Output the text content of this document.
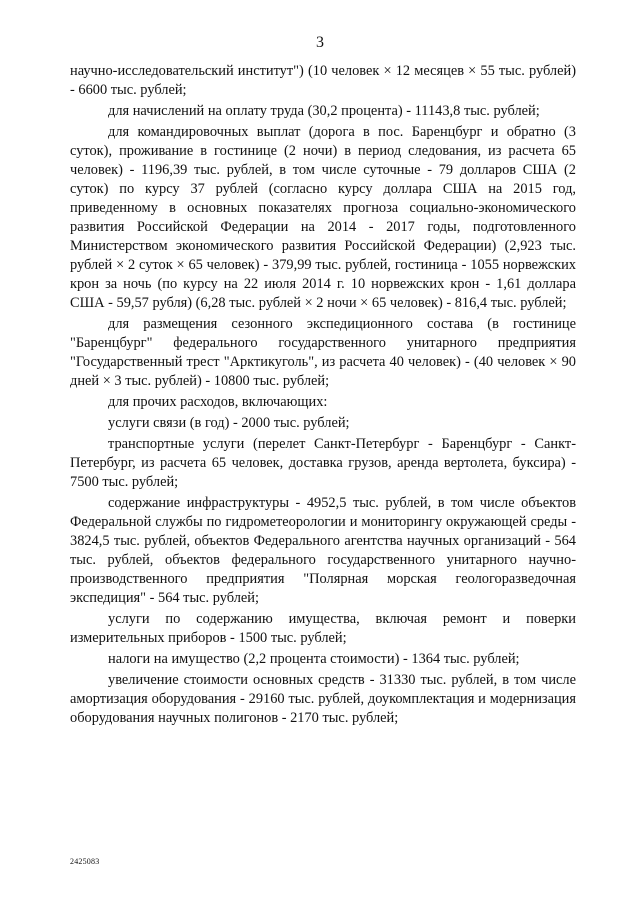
3

научно-исследовательский институт") (10 человек × 12 месяцев × 55 тыс. рублей) - 6600 тыс. рублей;

для начислений на оплату труда (30,2 процента) - 11143,8 тыс. рублей;

для командировочных выплат (дорога в пос. Баренцбург и обратно (3 суток), проживание в гостинице (2 ночи) в период следования, из расчета 65 человек) - 1196,39 тыс. рублей, в том числе суточные - 79 долларов США (2 суток) по курсу 37 рублей (согласно курсу доллара США на 2015 год, приведенному в основных показателях прогноза социально-экономического развития Российской Федерации на 2014 - 2017 годы, подготовленного Министерством экономического развития Российской Федерации) (2,923 тыс. рублей × 2 суток × 65 человек) - 379,99 тыс. рублей, гостиница - 1055 норвежских крон за ночь (по курсу на 22 июля 2014 г. 10 норвежских крон - 1,61 доллара США - 59,57 рубля) (6,28 тыс. рублей × 2 ночи × 65 человек) - 816,4 тыс. рублей;

для размещения сезонного экспедиционного состава (в гостинице "Баренцбург" федерального государственного унитарного предприятия "Государственный трест "Арктикуголь", из расчета 40 человек) - (40 человек × 90 дней × 3 тыс. рублей) - 10800 тыс. рублей;

для прочих расходов, включающих:

услуги связи (в год) - 2000 тыс. рублей;

транспортные услуги (перелет Санкт-Петербург - Баренцбург - Санкт-Петербург, из расчета 65 человек, доставка грузов, аренда вертолета, буксира) - 7500 тыс. рублей;

содержание инфраструктуры - 4952,5 тыс. рублей, в том числе объектов Федеральной службы по гидрометеорологии и мониторингу окружающей среды - 3824,5 тыс. рублей, объектов Федерального агентства научных организаций - 564 тыс. рублей, объектов федерального государственного унитарного научно-производственного предприятия "Полярная морская геологоразведочная экспедиция" - 564 тыс. рублей;

услуги по содержанию имущества, включая ремонт и поверки измерительных приборов - 1500 тыс. рублей;

налоги на имущество (2,2 процента стоимости) - 1364 тыс. рублей;

увеличение стоимости основных средств - 31330 тыс. рублей, в том числе амортизация оборудования - 29160 тыс. рублей, доукомплектация и модернизация оборудования научных полигонов - 2170 тыс. рублей;

2425083
